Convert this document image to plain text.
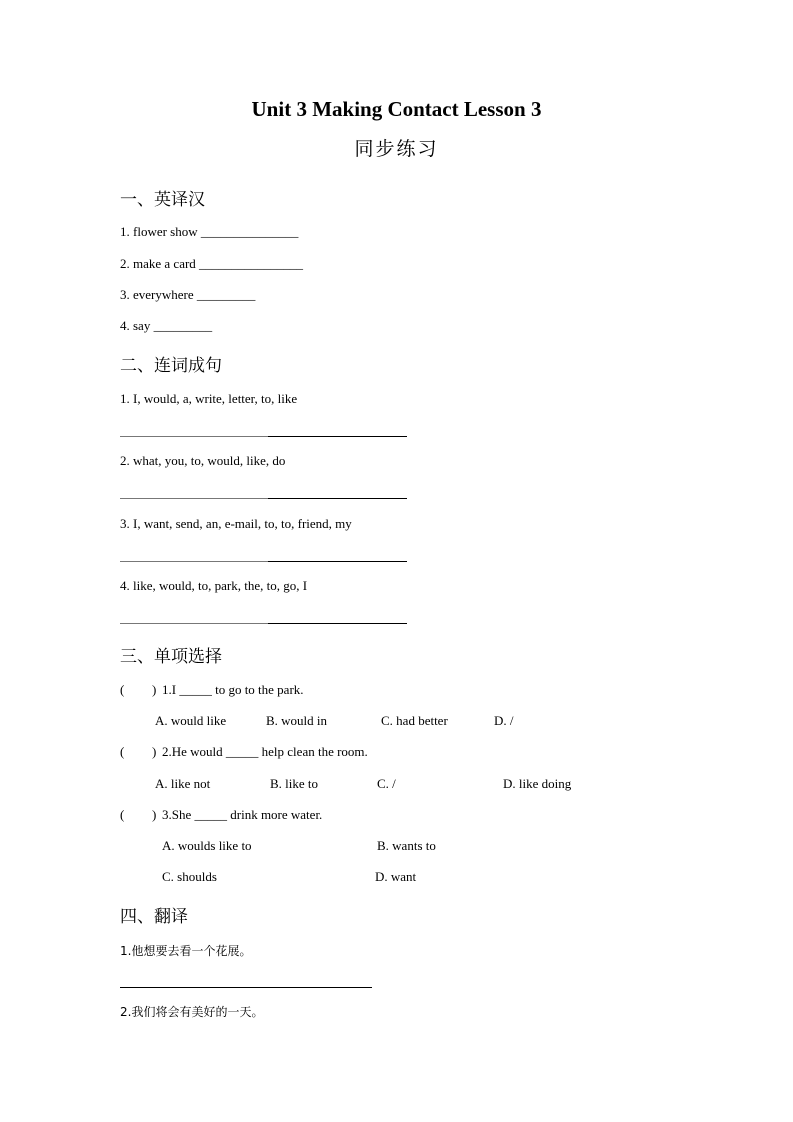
Unit 3 Making Contact Lesson 3
同步练习
一、英译汉
1. flower show _______________
2. make a card ________________
3. everywhere _________
4. say _________
二、连词成句
1. I, would, a, write, letter, to, like
2. what, you, to, would, like, do
3. I, want, send, an, e-mail, to, to, friend, my
4. like, would, to, park, the, to, go, I
三、单项选择
( ) 1.I _____ to go to the park.
A. would like	B. would in	C. had better	D. /
( ) 2.He would _____ help clean the room.
A. like not	B. like to	C. /	D. like doing
( ) 3.She _____ drink more water.
A. woulds like to	B. wants to
C. shoulds	D. want
四、翻译
1.他想要去看一个花展。
2.我们将会有美好的一天。
